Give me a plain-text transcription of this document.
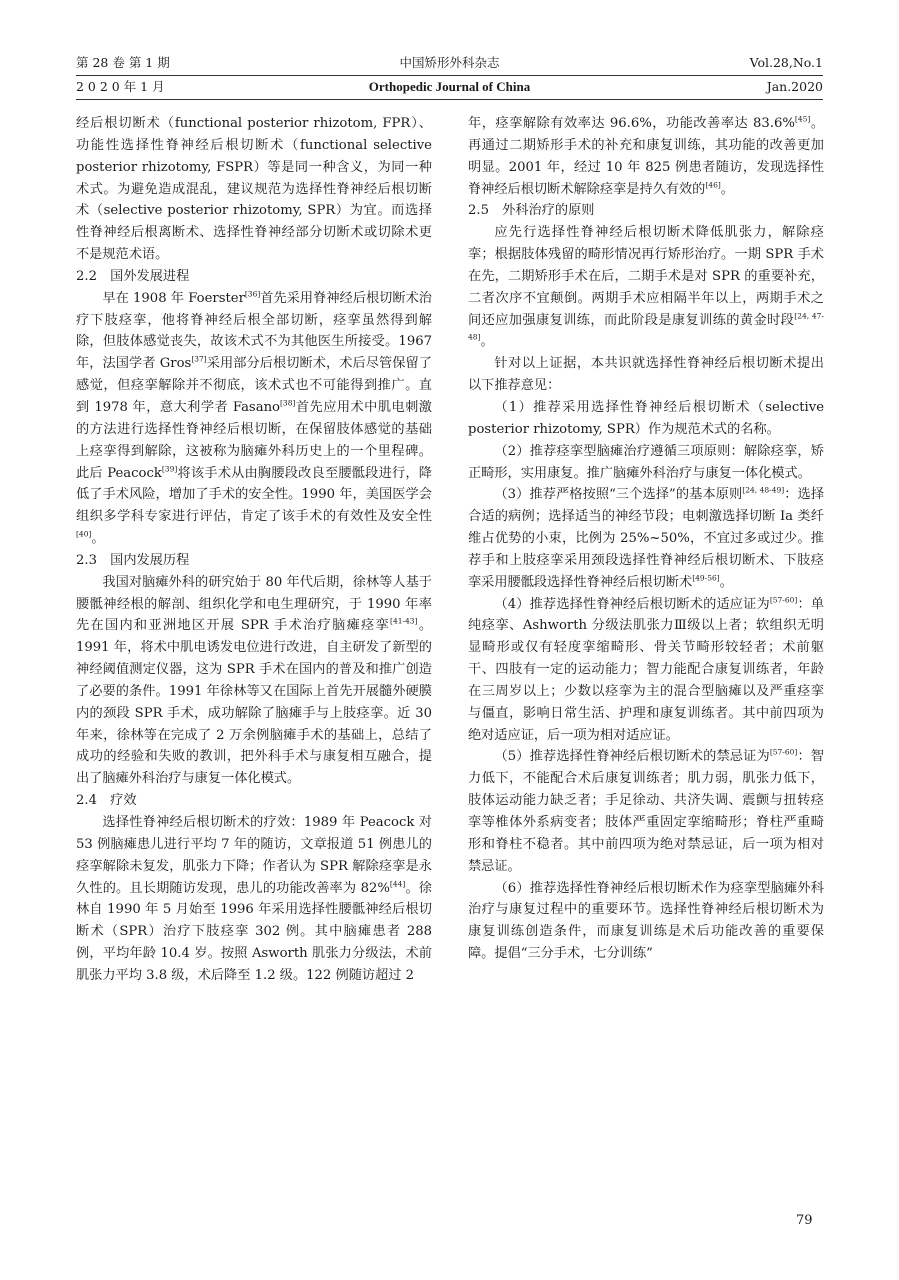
第 28 卷 第 1 期	中国矫形外科杂志	Vol.28,No.1
2 0 2 0 年 1 月	Orthopedic Journal of China	Jan.2020

经后根切断术（functional posterior rhizotom, FPR）、功能性选择性脊神经后根切断术（functional selective posterior rhizotomy, FSPR）等是同一种含义，为同一种术式。为避免造成混乱，建议规范为选择性脊神经后根切断术（selective posterior rhizotomy, SPR）为宜。而选择性脊神经后根离断术、选择性脊神经部分切断术或切除术更不是规范术语。

2.2　国外发展进程

早在 1908 年 Foerster[36]首先采用脊神经后根切断术治疗下肢痉挛，他将脊神经后根全部切断，痉挛虽然得到解除，但肢体感觉丧失，故该术式不为其他医生所接受。1967 年，法国学者 Gros[37]采用部分后根切断术，术后尽管保留了感觉，但痉挛解除并不彻底，该术式也不可能得到推广。直到 1978 年，意大利学者 Fasano[38]首先应用术中肌电刺激的方法进行选择性脊神经后根切断，在保留肢体感觉的基础上痉挛得到解除，这被称为脑瘫外科历史上的一个里程碑。此后 Peacock[39]将该手术从由胸腰段改良至腰骶段进行，降低了手术风险，增加了手术的安全性。1990 年，美国医学会组织多学科专家进行评估，肯定了该手术的有效性及安全性[40]。

2.3　国内发展历程

我国对脑瘫外科的研究始于 80 年代后期，徐林等人基于腰骶神经根的解剖、组织化学和电生理研究，于 1990 年率先在国内和亚洲地区开展 SPR 手术治疗脑瘫痉挛[41-43]。1991 年，将术中肌电诱发电位进行改进，自主研发了新型的神经阈值测定仪器，这为 SPR 手术在国内的普及和推广创造了必要的条件。1991 年徐林等又在国际上首先开展髓外硬膜内的颈段 SPR 手术，成功解除了脑瘫手与上肢痉挛。近 30 年来，徐林等在完成了 2 万余例脑瘫手术的基础上，总结了成功的经验和失败的教训，把外科手术与康复相互融合，提出了脑瘫外科治疗与康复一体化模式。

2.4　疗效

选择性脊神经后根切断术的疗效：1989 年 Peacock 对 53 例脑瘫患儿进行平均 7 年的随访，文章报道 51 例患儿的痉挛解除未复发，肌张力下降；作者认为 SPR 解除痉挛是永久性的。且长期随访发现，患儿的功能改善率为 82%[44]。徐林自 1990 年 5 月始至 1996 年采用选择性腰骶神经后根切断术（SPR）治疗下肢痉挛 302 例。其中脑瘫患者 288 例，平均年龄 10.4 岁。按照 Asworth 肌张力分级法，术前肌张力平均 3.8 级，术后降至 1.2 级。122 例随访超过 2

年，痉挛解除有效率达 96.6%，功能改善率达 83.6%[45]。再通过二期矫形手术的补充和康复训练，其功能的改善更加明显。2001 年，经过 10 年 825 例患者随访，发现选择性脊神经后根切断术解除痉挛是持久有效的[46]。

2.5　外科治疗的原则

应先行选择性脊神经后根切断术降低肌张力，解除痉挛；根据肢体残留的畸形情况再行矫形治疗。一期 SPR 手术在先，二期矫形手术在后，二期手术是对 SPR 的重要补充，二者次序不宜颠倒。两期手术应相隔半年以上，两期手术之间还应加强康复训练，而此阶段是康复训练的黄金时段[24, 47-48]。

针对以上证据，本共识就选择性脊神经后根切断术提出以下推荐意见：

（1）推荐采用选择性脊神经后根切断术（selective posterior rhizotomy, SPR）作为规范术式的名称。

（2）推荐痉挛型脑瘫治疗遵循三项原则：解除痉挛，矫正畸形，实用康复。推广脑瘫外科治疗与康复一体化模式。

（3）推荐严格按照“三个选择”的基本原则[24, 48-49]：选择合适的病例；选择适当的神经节段；电刺激选择切断 Ia 类纤维占优势的小束，比例为 25%~50%，不宜过多或过少。推荐手和上肢痉挛采用颈段选择性脊神经后根切断术、下肢痉挛采用腰骶段选择性脊神经后根切断术[49-56]。

（4）推荐选择性脊神经后根切断术的适应证为[57-60]：单纯痉挛、Ashworth 分级法肌张力Ⅲ级以上者；软组织无明显畸形或仅有轻度挛缩畸形、骨关节畸形较轻者；术前躯干、四肢有一定的运动能力；智力能配合康复训练者，年龄在三周岁以上；少数以痉挛为主的混合型脑瘫以及严重痉挛与僵直，影响日常生活、护理和康复训练者。其中前四项为绝对适应证，后一项为相对适应证。

（5）推荐选择性脊神经后根切断术的禁忌证为[57-60]：智力低下，不能配合术后康复训练者；肌力弱，肌张力低下，肢体运动能力缺乏者；手足徐动、共济失调、震颤与扭转痉挛等椎体外系病变者；肢体严重固定挛缩畸形；脊柱严重畸形和脊柱不稳者。其中前四项为绝对禁忌证，后一项为相对禁忌证。

（6）推荐选择性脊神经后根切断术作为痉挛型脑瘫外科治疗与康复过程中的重要环节。选择性脊神经后根切断术为康复训练创造条件，而康复训练是术后功能改善的重要保障。提倡“三分手术，七分训练”

79
